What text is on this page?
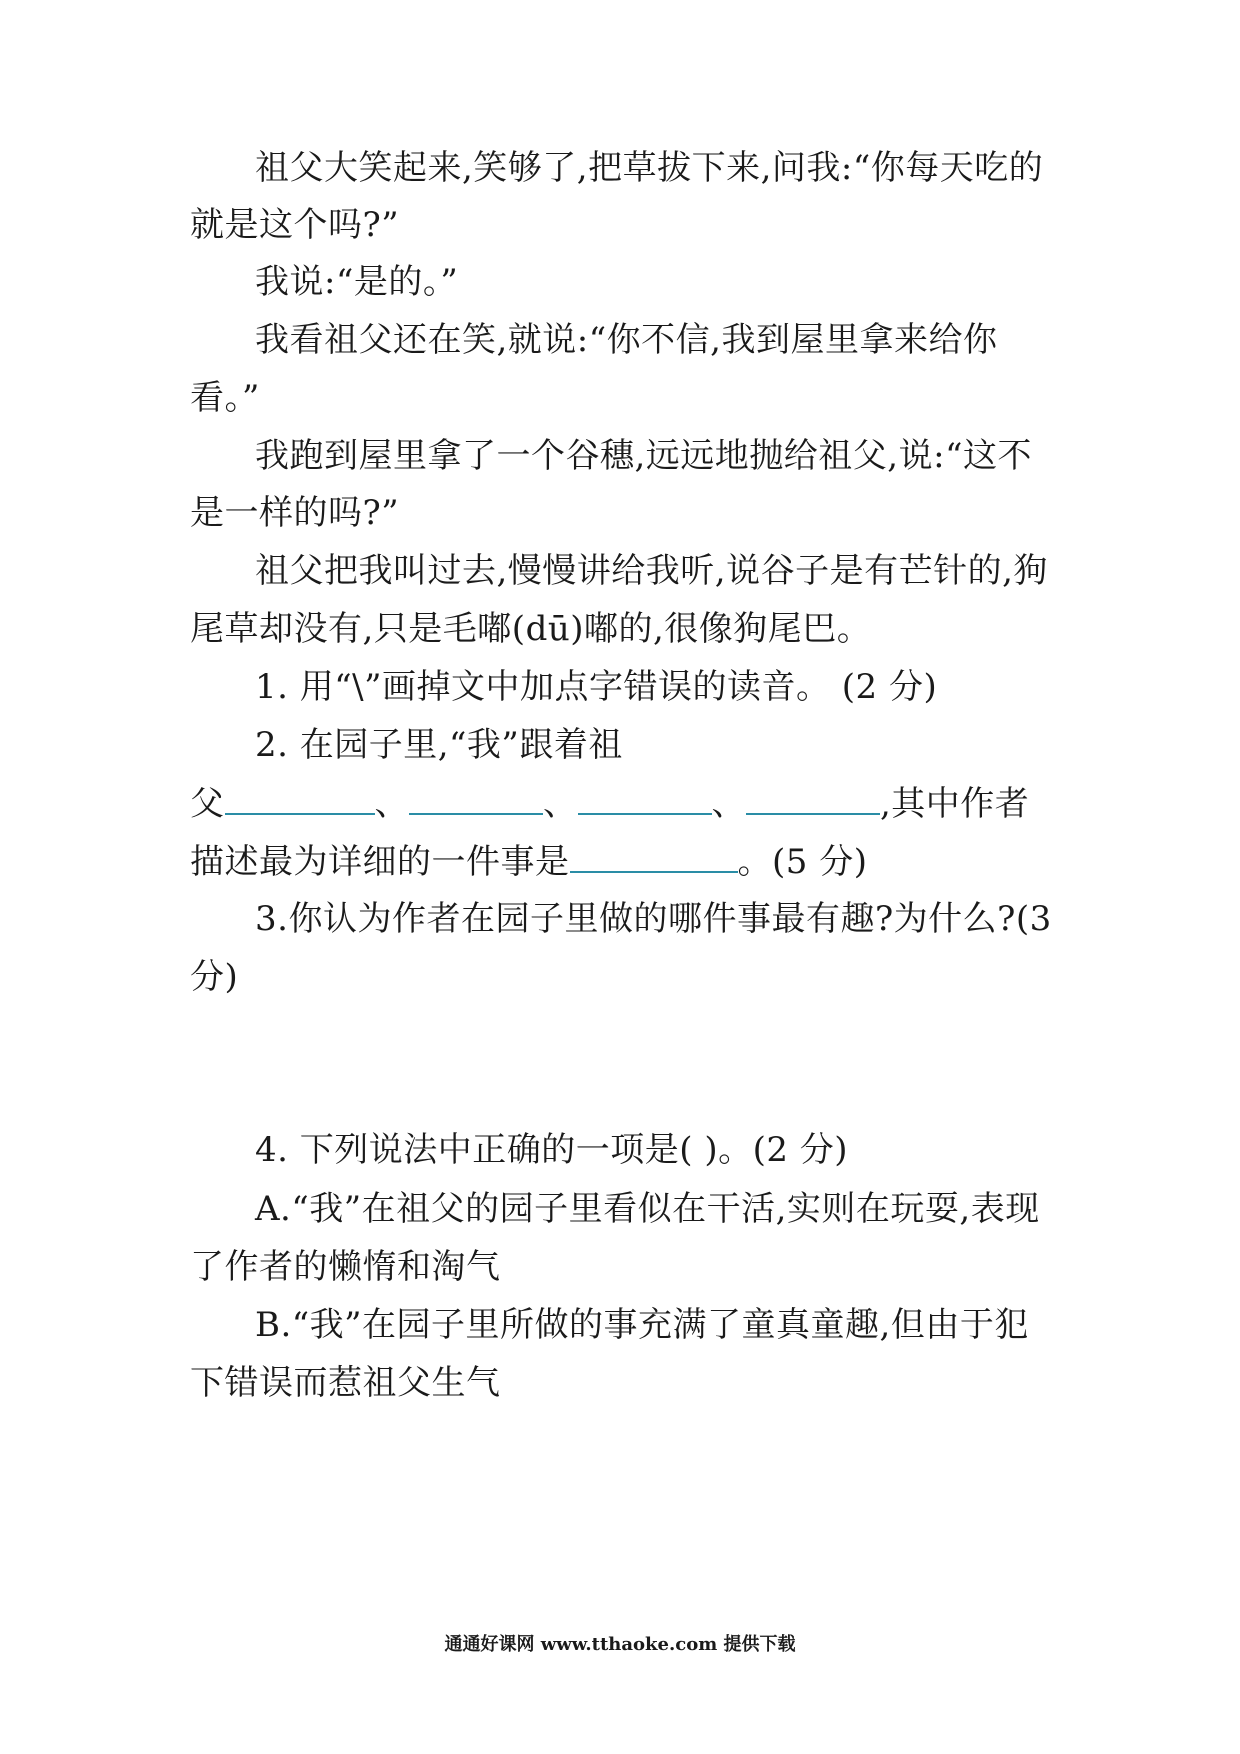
祖父大笑起来,笑够了,把草拔下来,问我:“你每天吃的
就是这个吗?”
我说:“是的。”
我看祖父还在笑,就说:“你不信,我到屋里拿来给你
看。”
我跑到屋里拿了一个谷穗,远远地抛给祖父,说:“这不
是一样的吗?”
祖父把我叫过去,慢慢讲给我听,说谷子是有芒针的,狗
尾草却没有,只是毛嘟(dū)嘟的,很像狗尾巴。
1. 用“\”画掉文中加点字错误的读音。 (2 分)
2. 在园子里,“我”跟着祖
父	、	、	、	,其中作者
描述最为详细的一件事是	。(5 分)
3.你认为作者在园子里做的哪件事最有趣?为什么?(3
分)
4. 下列说法中正确的一项是( )。(2 分)
A.“我”在祖父的园子里看似在干活,实则在玩耍,表现
了作者的懒惰和淘气
B.“我”在园子里所做的事充满了童真童趣,但由于犯
下错误而惹祖父生气
通通好课网 www.tthaoke.com 提供下载
